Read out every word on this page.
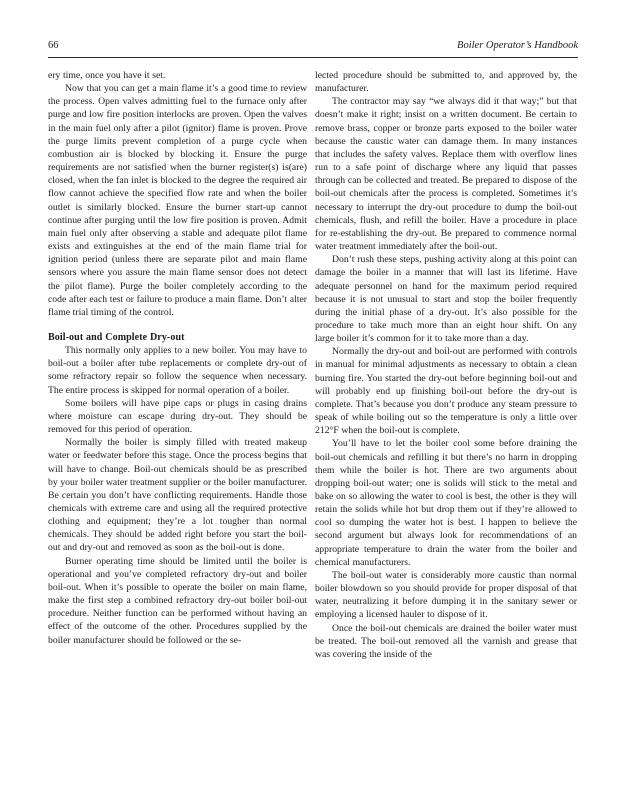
66	Boiler Operator’s Handbook

ery time, once you have it set.

Now that you can get a main flame it’s a good time to review the process. Open valves admitting fuel to the furnace only after purge and low fire position interlocks are proven. Open the valves in the main fuel only after a pilot (ignitor) flame is proven. Prove the purge limits prevent completion of a purge cycle when combustion air is blocked by blocking it. Ensure the purge requirements are not satisfied when the burner register(s) is(are) closed, when the fan inlet is blocked to the degree the required air flow cannot achieve the specified flow rate and when the boiler outlet is similarly blocked. Ensure the burner start-up cannot continue after purging until the low fire position is proven. Admit main fuel only after observing a stable and adequate pilot flame exists and extinguishes at the end of the main flame trial for ignition period (unless there are separate pilot and main flame sensors where you assure the main flame sensor does not detect the pilot flame). Purge the boiler completely according to the code after each test or failure to produce a main flame. Don’t alter flame trial timing of the control.

Boil-out and Complete Dry-out

This normally only applies to a new boiler. You may have to boil-out a boiler after tube replacements or complete dry-out of some refractory repair so follow the sequence when necessary. The entire process is skipped for normal operation of a boiler.

Some boilers will have pipe caps or plugs in casing drains where moisture can escape during dry-out. They should be removed for this period of operation.

Normally the boiler is simply filled with treated makeup water or feedwater before this stage. Once the process begins that will have to change. Boil-out chemicals should be as prescribed by your boiler water treatment supplier or the boiler manufacturer. Be certain you don’t have conflicting requirements. Handle those chemicals with extreme care and using all the required protective clothing and equipment; they’re a lot tougher than normal chemicals. They should be added right before you start the boil-out and dry-out and removed as soon as the boil-out is done.

Burner operating time should be limited until the boiler is operational and you’ve completed refractory dry-out and boiler boil-out. When it’s possible to operate the boiler on main flame, make the first step a combined refractory dry-out boiler boil-out procedure. Neither function can be performed without having an effect of the outcome of the other. Procedures supplied by the boiler manufacturer should be followed or the se-

lected procedure should be submitted to, and approved by, the manufacturer.

The contractor may say “we always did it that way;” but that doesn’t make it right; insist on a written document. Be certain to remove brass, copper or bronze parts exposed to the boiler water because the caustic water can damage them. In many instances that includes the safety valves. Replace them with overflow lines run to a safe point of discharge where any liquid that passes through can be collected and treated. Be prepared to dispose of the boil-out chemicals after the process is completed. Sometimes it’s necessary to interrupt the dry-out procedure to dump the boil-out chemicals, flush, and refill the boiler. Have a procedure in place for re-establishing the dry-out. Be prepared to commence normal water treatment immediately after the boil-out.

Don’t rush these steps, pushing activity along at this point can damage the boiler in a manner that will last its lifetime. Have adequate personnel on hand for the maximum period required because it is not unusual to start and stop the boiler frequently during the initial phase of a dry-out. It’s also possible for the procedure to take much more than an eight hour shift. On any large boiler it’s common for it to take more than a day.

Normally the dry-out and boil-out are performed with controls in manual for minimal adjustments as necessary to obtain a clean burning fire. You started the dry-out before beginning boil-out and will probably end up finishing boil-out before the dry-out is complete. That’s because you don’t produce any steam pressure to speak of while boiling out so the temperature is only a little over 212°F when the boil-out is complete.

You’ll have to let the boiler cool some before draining the boil-out chemicals and refilling it but there’s no harm in dropping them while the boiler is hot. There are two arguments about dropping boil-out water; one is solids will stick to the metal and bake on so allowing the water to cool is best, the other is they will retain the solids while hot but drop them out if they’re allowed to cool so dumping the water hot is best. I happen to believe the second argument but always look for recommendations of an appropriate temperature to drain the water from the boiler and chemical manufacturers.

The boil-out water is considerably more caustic than normal boiler blowdown so you should provide for proper disposal of that water, neutralizing it before dumping it in the sanitary sewer or employing a licensed hauler to dispose of it.

Once the boil-out chemicals are drained the boiler water must be treated. The boil-out removed all the varnish and grease that was covering the inside of the
